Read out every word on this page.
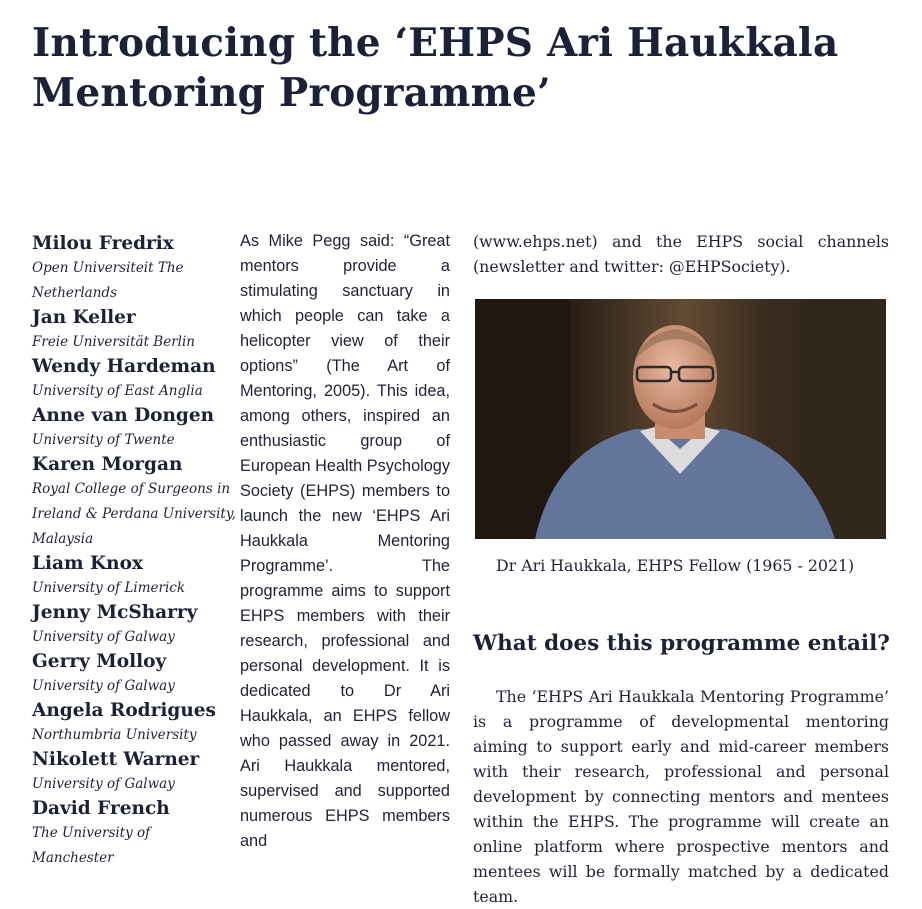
Introducing the ‘EHPS Ari Haukkala Mentoring Programme’
Milou Fredrix
Open Universiteit The Netherlands
Jan Keller
Freie Universität Berlin
Wendy Hardeman
University of East Anglia
Anne van Dongen
University of Twente
Karen Morgan
Royal College of Surgeons in Ireland & Perdana University, Malaysia
Liam Knox
University of Limerick
Jenny McSharry
University of Galway
Gerry Molloy
University of Galway
Angela Rodrigues
Northumbria University
Nikolett Warner
University of Galway
David French
The University of Manchester

As Mike Pegg said: “Great mentors provide a stimulating sanctuary in which people can take a helicopter view of their options” (The Art of Mentoring, 2005). This idea, among others, inspired an enthusiastic group of European Health Psychology Society (EHPS) members to launch the new ‘EHPS Ari Haukkala Mentoring Programme’. The programme aims to support EHPS members with their research, professional and personal development. It is dedicated to Dr Ari Haukkala, an EHPS fellow who passed away in 2021. Ari Haukkala mentored, supervised and supported numerous EHPS members and

(www.ehps.net) and the EHPS social channels (newsletter and twitter: @EHPSociety).

Dr Ari Haukkala, EHPS Fellow (1965 - 2021)

What does this programme entail?

The ‘EHPS Ari Haukkala Mentoring Programme’ is a programme of developmental mentoring aiming to support early and mid-career members with their research, professional and personal development by connecting mentors and mentees within the EHPS. The programme will create an online platform where prospective mentors and mentees will be formally matched by a dedicated team.
